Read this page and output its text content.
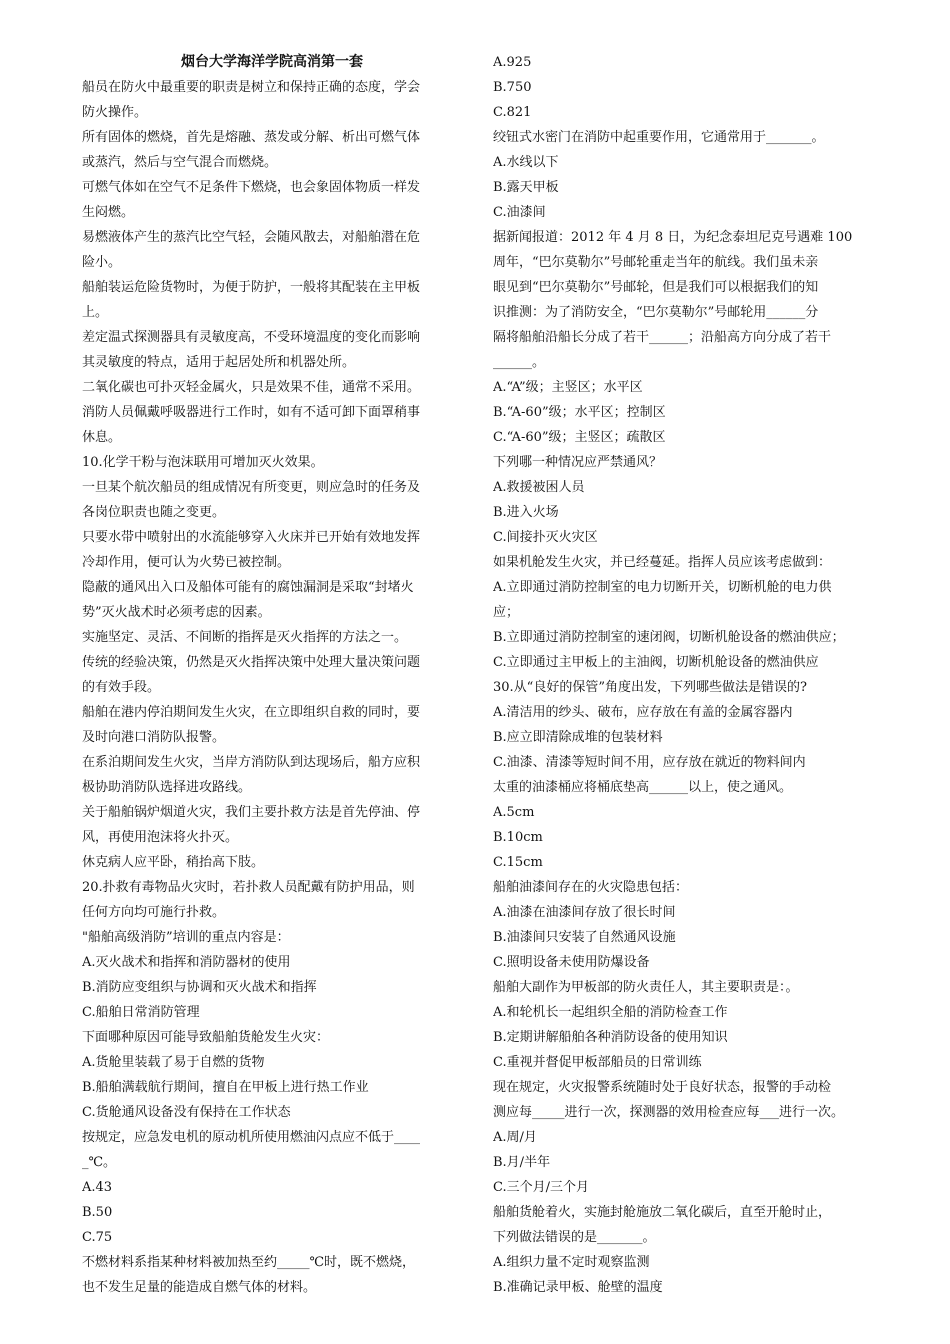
烟台大学海洋学院高消第一套
船员在防火中最重要的职责是树立和保持正确的态度，学会
防火操作。
所有固体的燃烧，首先是熔融、蒸发或分解、析出可燃气体
或蒸汽，然后与空气混合而燃烧。
可燃气体如在空气不足条件下燃烧，也会象固体物质一样发
生闷燃。
易燃液体产生的蒸汽比空气轻，会随风散去，对船舶潜在危
险小。
船舶装运危险货物时，为便于防护，一般将其配装在主甲板
上。
差定温式探测器具有灵敏度高，不受环境温度的变化而影响
其灵敏度的特点，适用于起居处所和机器处所。
二氧化碳也可扑灭轻金属火，只是效果不佳，通常不采用。
消防人员佩戴呼吸器进行工作时，如有不适可卸下面罩稍事
休息。
10.化学干粉与泡沫联用可增加灭火效果。
一旦某个航次船员的组成情况有所变更，则应急时的任务及
各岗位职责也随之变更。
只要水带中喷射出的水流能够穿入火床并已开始有效地发挥
冷却作用，便可认为火势已被控制。
隐蔽的通风出入口及船体可能有的腐蚀漏洞是采取“封堵火
势”灭火战术时必须考虑的因素。
实施坚定、灵活、不间断的指挥是灭火指挥的方法之一。
传统的经验决策，仍然是灭火指挥决策中处理大量决策问题
的有效手段。
船舶在港内停泊期间发生火灾，在立即组织自救的同时，要
及时向港口消防队报警。
在系泊期间发生火灾，当岸方消防队到达现场后，船方应积
极协助消防队选择进攻路线。
关于船舶锅炉烟道火灾，我们主要扑救方法是首先停油、停
风，再使用泡沫将火扑灭。
休克病人应平卧，稍抬高下肢。
20.扑救有毒物品火灾时，若扑救人员配戴有防护用品，则
任何方向均可施行扑救。
"船舶高级消防”培训的重点内容是：
A.灭火战术和指挥和消防器材的使用
B.消防应变组织与协调和灭火战术和指挥
C.船舶日常消防管理
下面哪种原因可能导致船舶货舱发生火灾：
A.货舱里装载了易于自燃的货物
B.船舶满载航行期间，擅自在甲板上进行热工作业
C.货舱通风设备没有保持在工作状态
按规定，应急发电机的原动机所使用燃油闪点应不低于____
_℃。
A.43
B.50
C.75
不燃材料系指某种材料被加热至约_____℃时，既不燃烧，
也不发生足量的能造成自燃气体的材料。
A.925
B.750
C.821
绞钮式水密门在消防中起重要作用，它通常用于_______。
A.水线以下
B.露天甲板
C.油漆间
据新闻报道：2012 年 4 月 8 日，为纪念泰坦尼克号遇难 100
周年，“巴尔莫勒尔”号邮轮重走当年的航线。我们虽未亲
眼见到“巴尔莫勒尔”号邮轮，但是我们可以根据我们的知
识推测：为了消防安全，“巴尔莫勒尔”号邮轮用______分
隔将船舶沿船长分成了若干______；沿船高方向分成了若干
______。
A.“A”级；主竖区；水平区
B.“A-60”级；水平区；控制区
C.“A-60”级；主竖区；疏散区
下列哪一种情况应严禁通风？
A.救援被困人员
B.进入火场
C.间接扑灭火灾区
如果机舱发生火灾，并已经蔓延。指挥人员应该考虑做到：
A.立即通过消防控制室的电力切断开关，切断机舱的电力供
应；
B.立即通过消防控制室的速闭阀，切断机舱设备的燃油供应；
C.立即通过主甲板上的主油阀，切断机舱设备的燃油供应
30.从“良好的保管”角度出发，下列哪些做法是错误的?
A.清洁用的纱头、破布，应存放在有盖的金属容器内
B.应立即清除成堆的包装材料
C.油漆、清漆等短时间不用，应存放在就近的物料间内
太重的油漆桶应将桶底垫高______以上，使之通风。
A.5cm
B.10cm
C.15cm
船舶油漆间存在的火灾隐患包括：
A.油漆在油漆间存放了很长时间
B.油漆间只安装了自然通风设施
C.照明设备未使用防爆设备
船舶大副作为甲板部的防火责任人，其主要职责是：。
A.和轮机长一起组织全船的消防检查工作
B.定期讲解船舶各种消防设备的使用知识
C.重视并督促甲板部船员的日常训练
现在规定，火灾报警系统随时处于良好状态，报警的手动检
测应每_____进行一次，探测器的效用检查应每___进行一次。
A.周/月
B.月/半年
C.三个月/三个月
船舶货舱着火，实施封舱施放二氧化碳后，直至开舱时止，
下列做法错误的是_______。
A.组织力量不定时观察监测
B.准确记录甲板、舱壁的温度
